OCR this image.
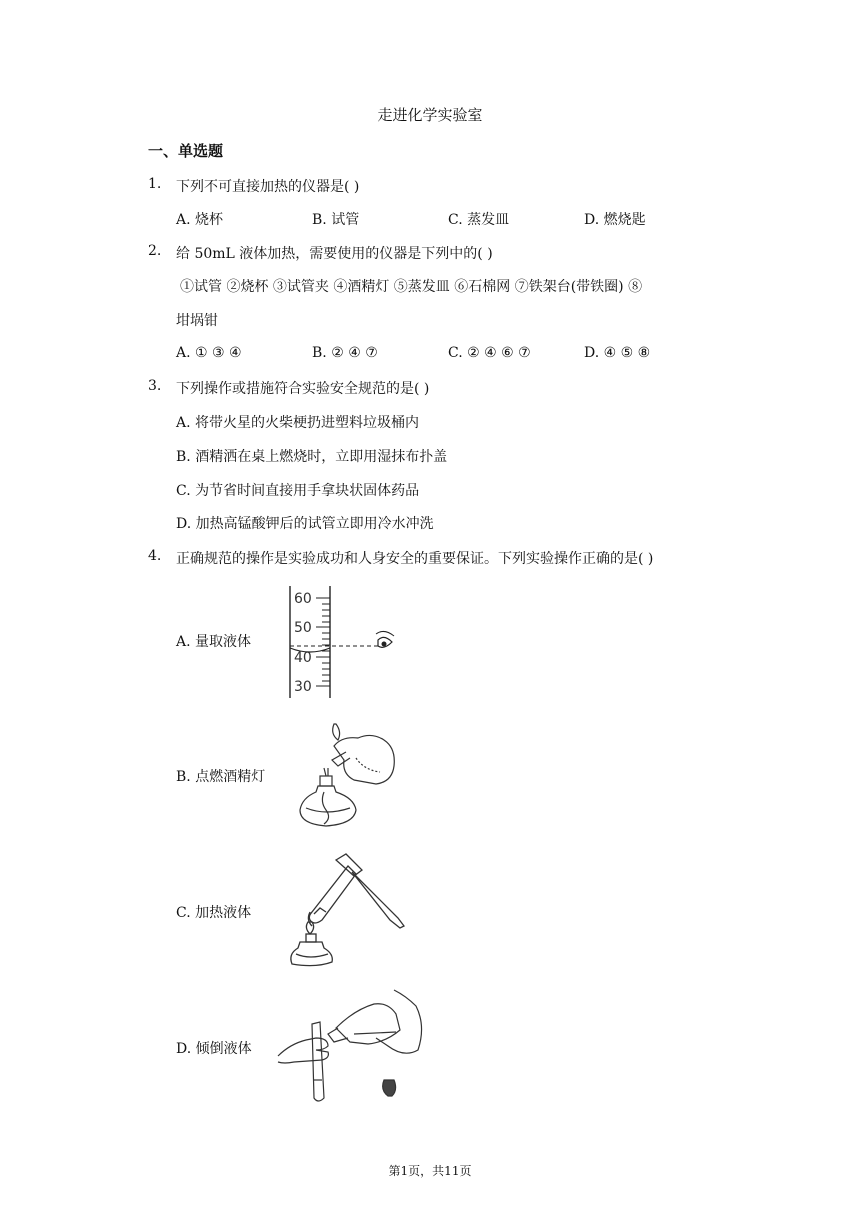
走进化学实验室
一、单选题
1. 下列不可直接加热的仪器是( )
A. 烧杯	B. 试管	C. 蒸发皿	D. 燃烧匙
2. 给 50mL 液体加热，需要使用的仪器是下列中的( )
①试管 ②烧杯 ③试管夹 ④酒精灯 ⑤蒸发皿 ⑥石棉网 ⑦铁架台(带铁圈) ⑧
坩埚钳
A. ① ③ ④	B. ② ④ ⑦	C. ② ④ ⑥ ⑦	D. ④ ⑤ ⑧
3. 下列操作或措施符合实验安全规范的是( )
A. 将带火星的火柴梗扔进塑料垃圾桶内
B. 酒精洒在桌上燃烧时，立即用湿抹布扑盖
C. 为节省时间直接用手拿块状固体药品
D. 加热高锰酸钾后的试管立即用冷水冲洗
4. 正确规范的操作是实验成功和人身安全的重要保证。下列实验操作正确的是( )
A. 量取液体
60
50
40
30
B. 点燃酒精灯
C. 加热液体
D. 倾倒液体
第1页，共11页
